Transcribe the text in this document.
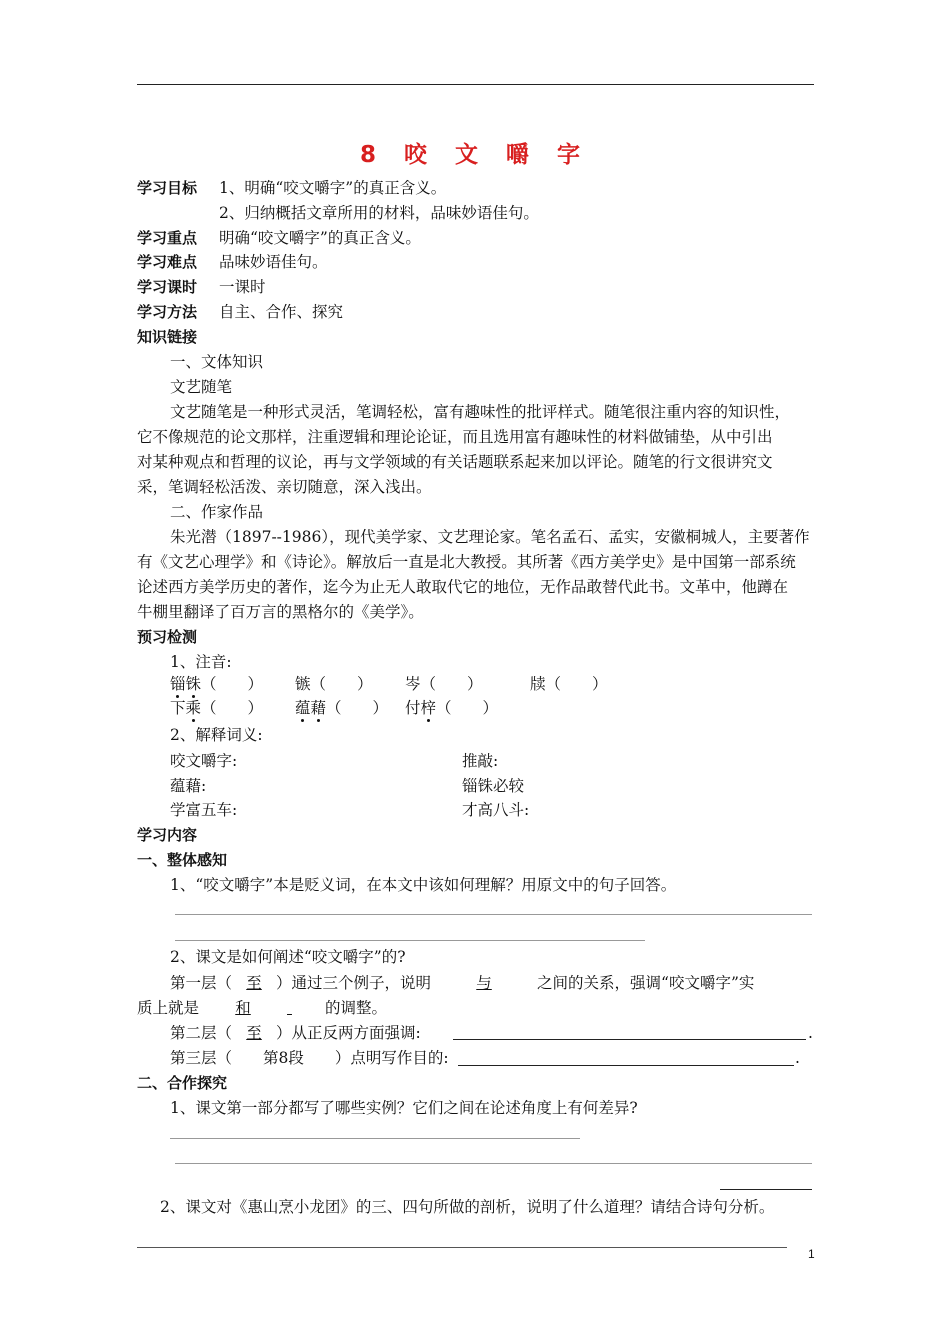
8 咬 文 嚼 字
学习目标 1、明确“咬文嚼字”的真正含义。
2、归纳概括文章所用的材料，品味妙语佳句。
学习重点 明确“咬文嚼字”的真正含义。
学习难点 品味妙语佳句。
学习课时 一课时
学习方法 自主、合作、探究
知识链接
一、文体知识
文艺随笔
文艺随笔是一种形式灵活，笔调轻松，富有趣味性的批评样式。随笔很注重内容的知识性，
它不像规范的论文那样，注重逻辑和理论论证，而且选用富有趣味性的材料做铺垫，从中引出
对某种观点和哲理的议论，再与文学领域的有关话题联系起来加以评论。随笔的行文很讲究文
采，笔调轻松活泼、亲切随意，深入浅出。
二、作家作品
朱光潜（1897--1986），现代美学家、文艺理论家。笔名孟石、孟实，安徽桐城人，主要著作
有《文艺心理学》和《诗论》。解放后一直是北大教授。其所著《西方美学史》是中国第一部系统
论述西方美学历史的著作，迄今为止无人敢取代它的地位，无作品敢替代此书。文革中，他蹲在
牛棚里翻译了百万言的黑格尔的《美学》。
预习检测
1、注音:
锱铢（　　） 镞（　　） 岑（　　）	牍（　　）
下乘（　　） 蕴藉（　　） 付梓（　　）
2、解释词义:
咬文嚼字:	推敲:
蕴藉:	锱铢必较
学富五车:	才高八斗:
学习内容
一、整体感知
1、“咬文嚼字”本是贬义词，在本文中该如何理解？用原文中的句子回答。
2、课文是如何阐述“咬文嚼字”的?
第一层（ 至 ）通过三个例子，说明	与	之间的关系，强调“咬文嚼字”实
质上就是 和	的调整。
第二层（ 至 ）从正反两方面强调:	.
第三层（　　第8段　　）点明写作目的:	.
二、合作探究
1、课文第一部分都写了哪些实例？它们之间在论述角度上有何差异?
2、课文对《惠山烹小龙团》的三、四句所做的剖析，说明了什么道理？请结合诗句分析。
1
